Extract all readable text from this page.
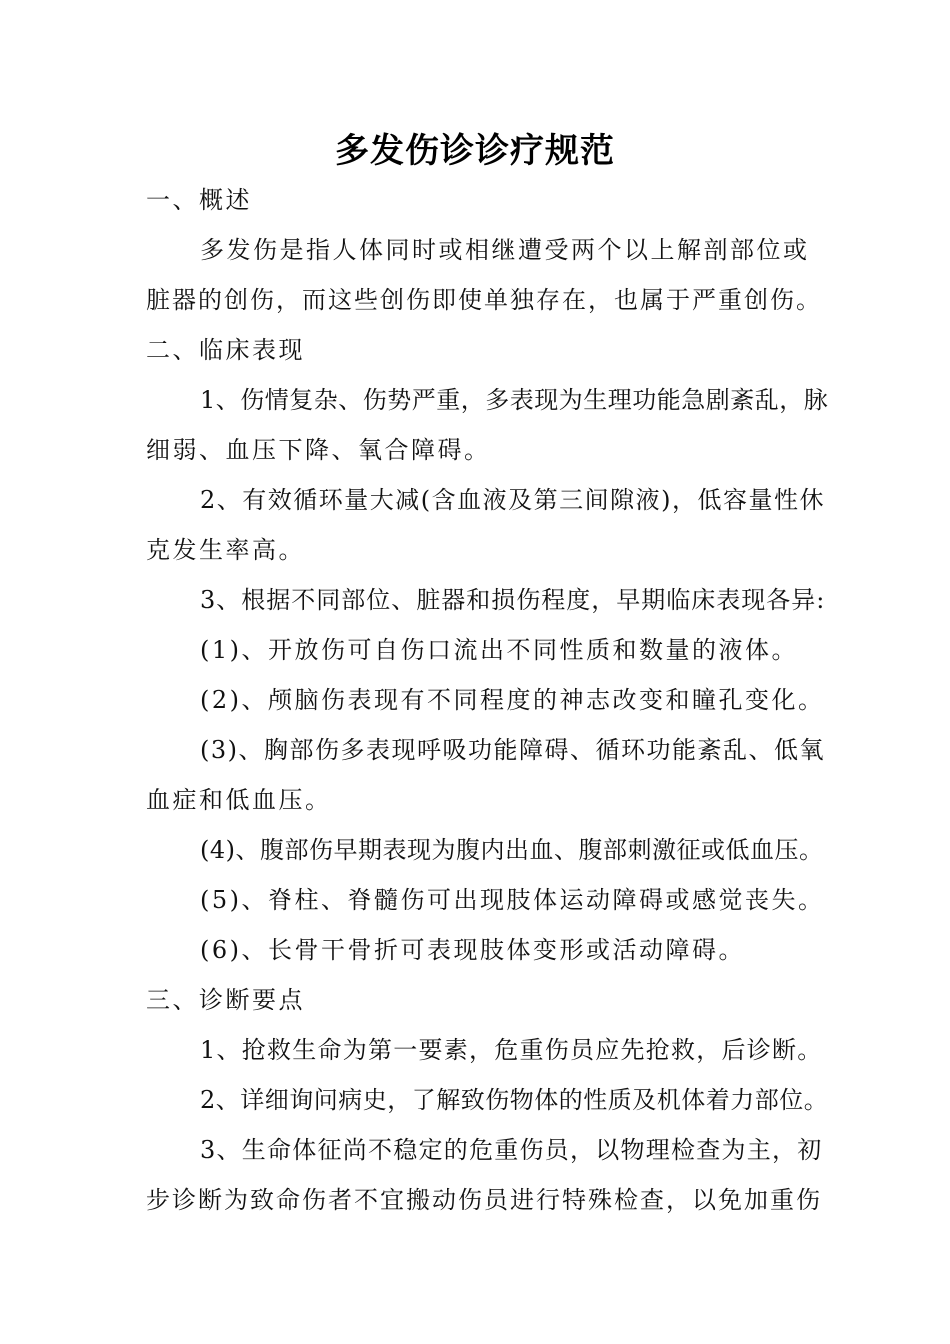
多发伤诊诊疗规范
一、概述
多发伤是指人体同时或相继遭受两个以上解剖部位或
脏器的创伤，而这些创伤即使单独存在，也属于严重创伤。
二、临床表现
1、伤情复杂、伤势严重，多表现为生理功能急剧紊乱，脉
细弱、血压下降、氧合障碍。
2、有效循环量大减(含血液及第三间隙液)，低容量性休
克发生率高。
3、根据不同部位、脏器和损伤程度，早期临床表现各异:
(1)、开放伤可自伤口流出不同性质和数量的液体。
(2)、颅脑伤表现有不同程度的神志改变和瞳孔变化。
(3)、胸部伤多表现呼吸功能障碍、循环功能紊乱、低氧
血症和低血压。
(4)、腹部伤早期表现为腹内出血、腹部刺激征或低血压。
(5)、脊柱、脊髓伤可出现肢体运动障碍或感觉丧失。
(6)、长骨干骨折可表现肢体变形或活动障碍。
三、诊断要点
1、抢救生命为第一要素，危重伤员应先抢救，后诊断。
2、详细询问病史，了解致伤物体的性质及机体着力部位。
3、生命体征尚不稳定的危重伤员，以物理检查为主，初
步诊断为致命伤者不宜搬动伤员进行特殊检查，以免加重伤
